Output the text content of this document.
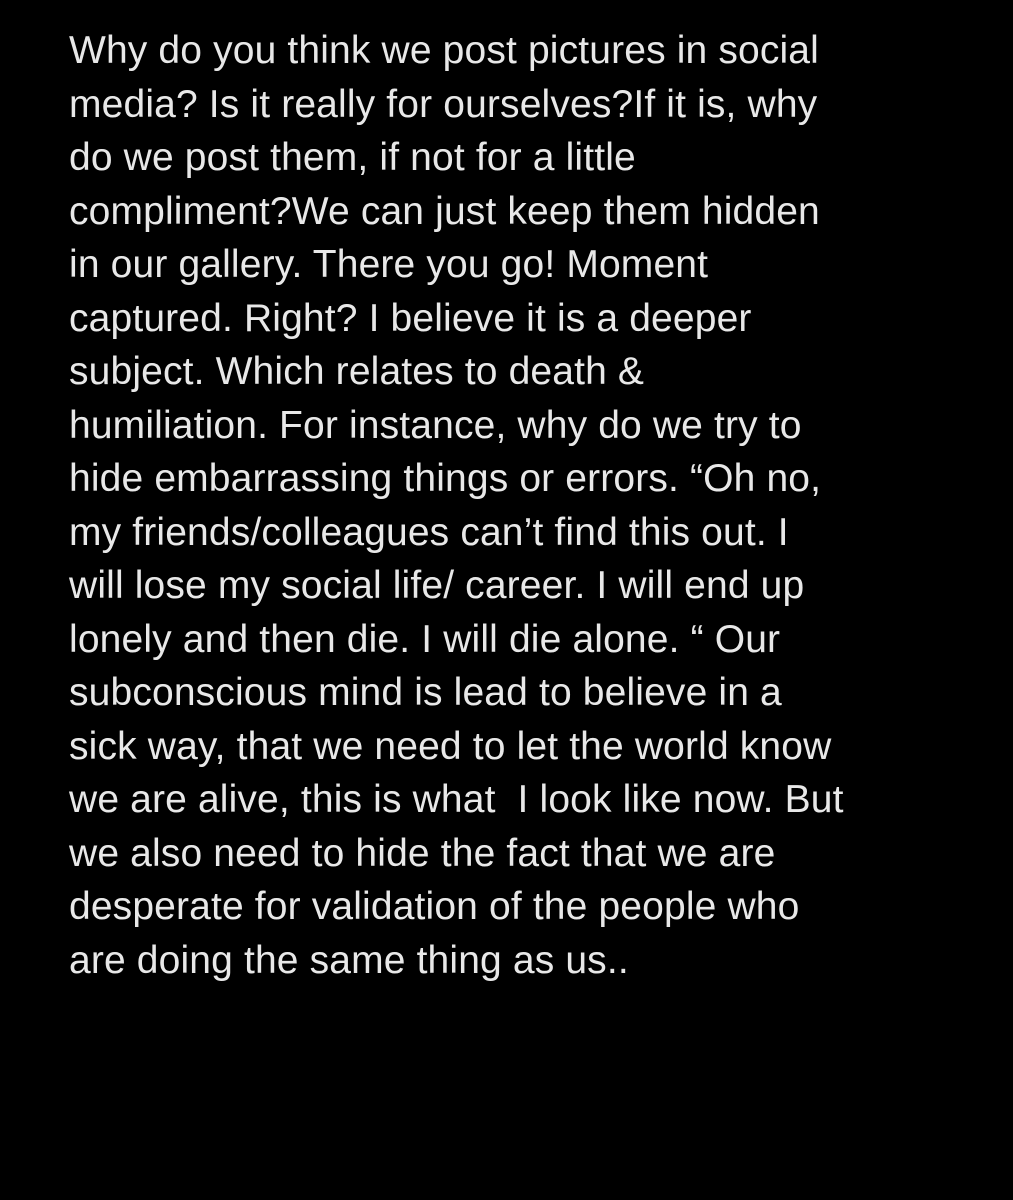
Why do you think we post pictures in social
media? Is it really for ourselves?If it is, why
do we post them, if not for a little
compliment?We can just keep them hidden
in our gallery. There you go! Moment
captured. Right? I believe it is a deeper
subject. Which relates to death &
humiliation. For instance, why do we try to
hide embarrassing things or errors. “Oh no,
my friends/colleagues can’t find this out. I
will lose my social life/ career. I will end up
lonely and then die. I will die alone. “ Our
subconscious mind is lead to believe in a
sick way, that we need to let the world know
we are alive, this is what  I look like now. But
we also need to hide the fact that we are
desperate for validation of the people who
are doing the same thing as us..
